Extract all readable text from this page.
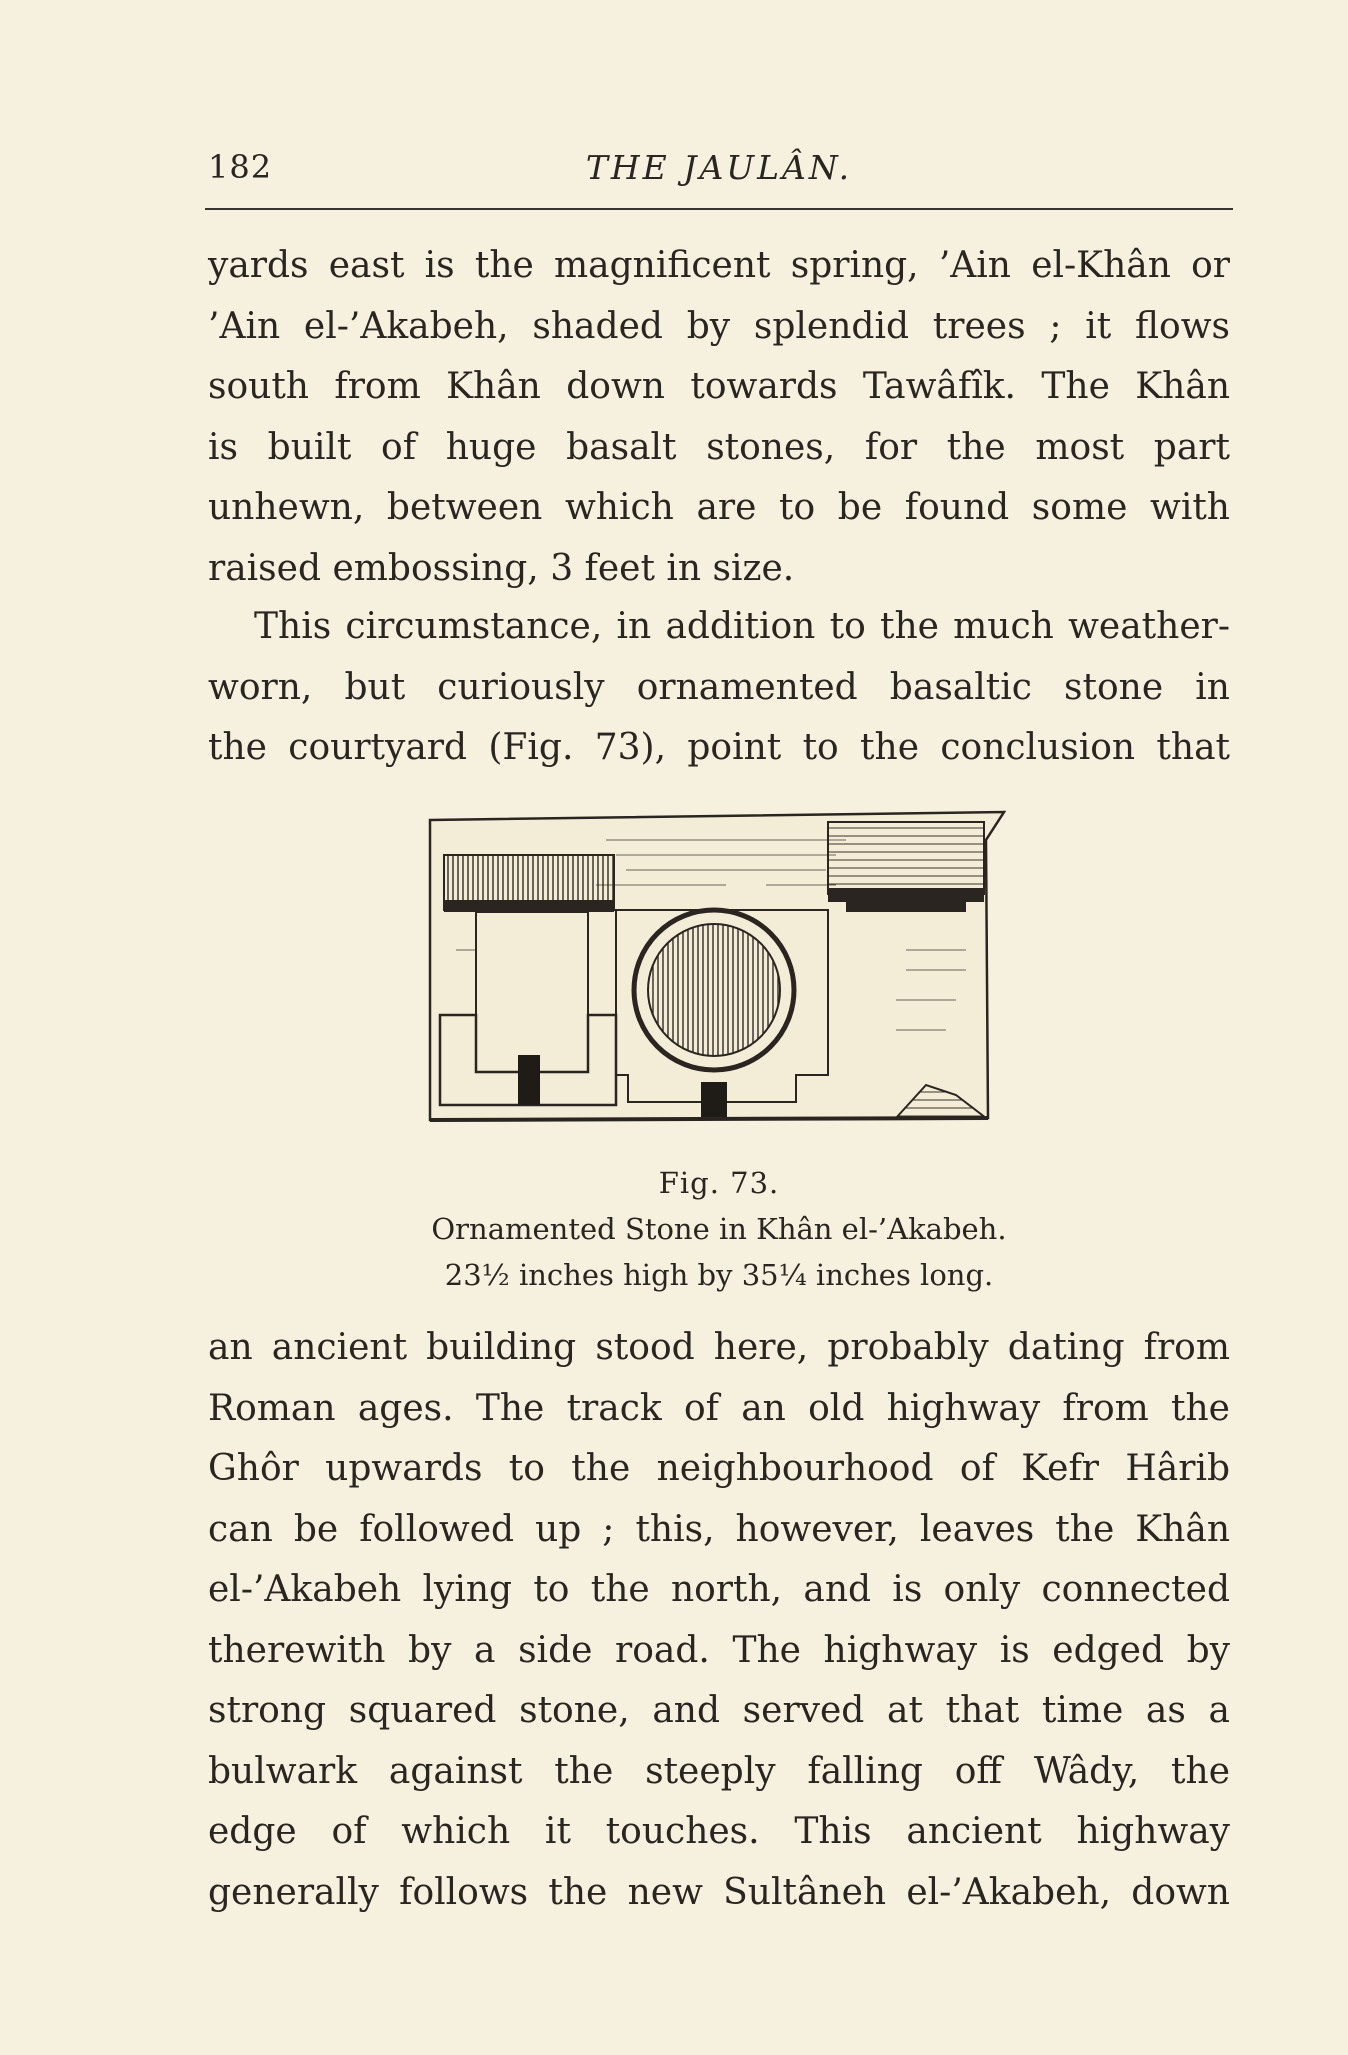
182	THE JAULÂN.
yards east is the magnificent spring, ’Ain el-Khân or
’Ain el-’Akabeh, shaded by splendid trees ; it flows
south from Khân down towards Tawâfîk. The Khân
is built of huge basalt stones, for the most part
unhewn, between which are to be found some with
raised embossing, 3 feet in size.
This circumstance, in addition to the much weather-
worn, but curiously ornamented basaltic stone in
the courtyard (Fig. 73), point to the conclusion that

Fig. 73.

Ornamented Stone in Khân el-’Akabeh.

23½ inches high by 35¼ inches long.

an ancient building stood here, probably dating from
Roman ages. The track of an old highway from the
Ghôr upwards to the neighbourhood of Kefr Hârib
can be followed up ; this, however, leaves the Khân
el-’Akabeh lying to the north, and is only connected
therewith by a side road. The highway is edged by
strong squared stone, and served at that time as a
bulwark against the steeply falling off Wâdy, the
edge of which it touches. This ancient highway
generally follows the new Sultâneh el-’Akabeh, down
